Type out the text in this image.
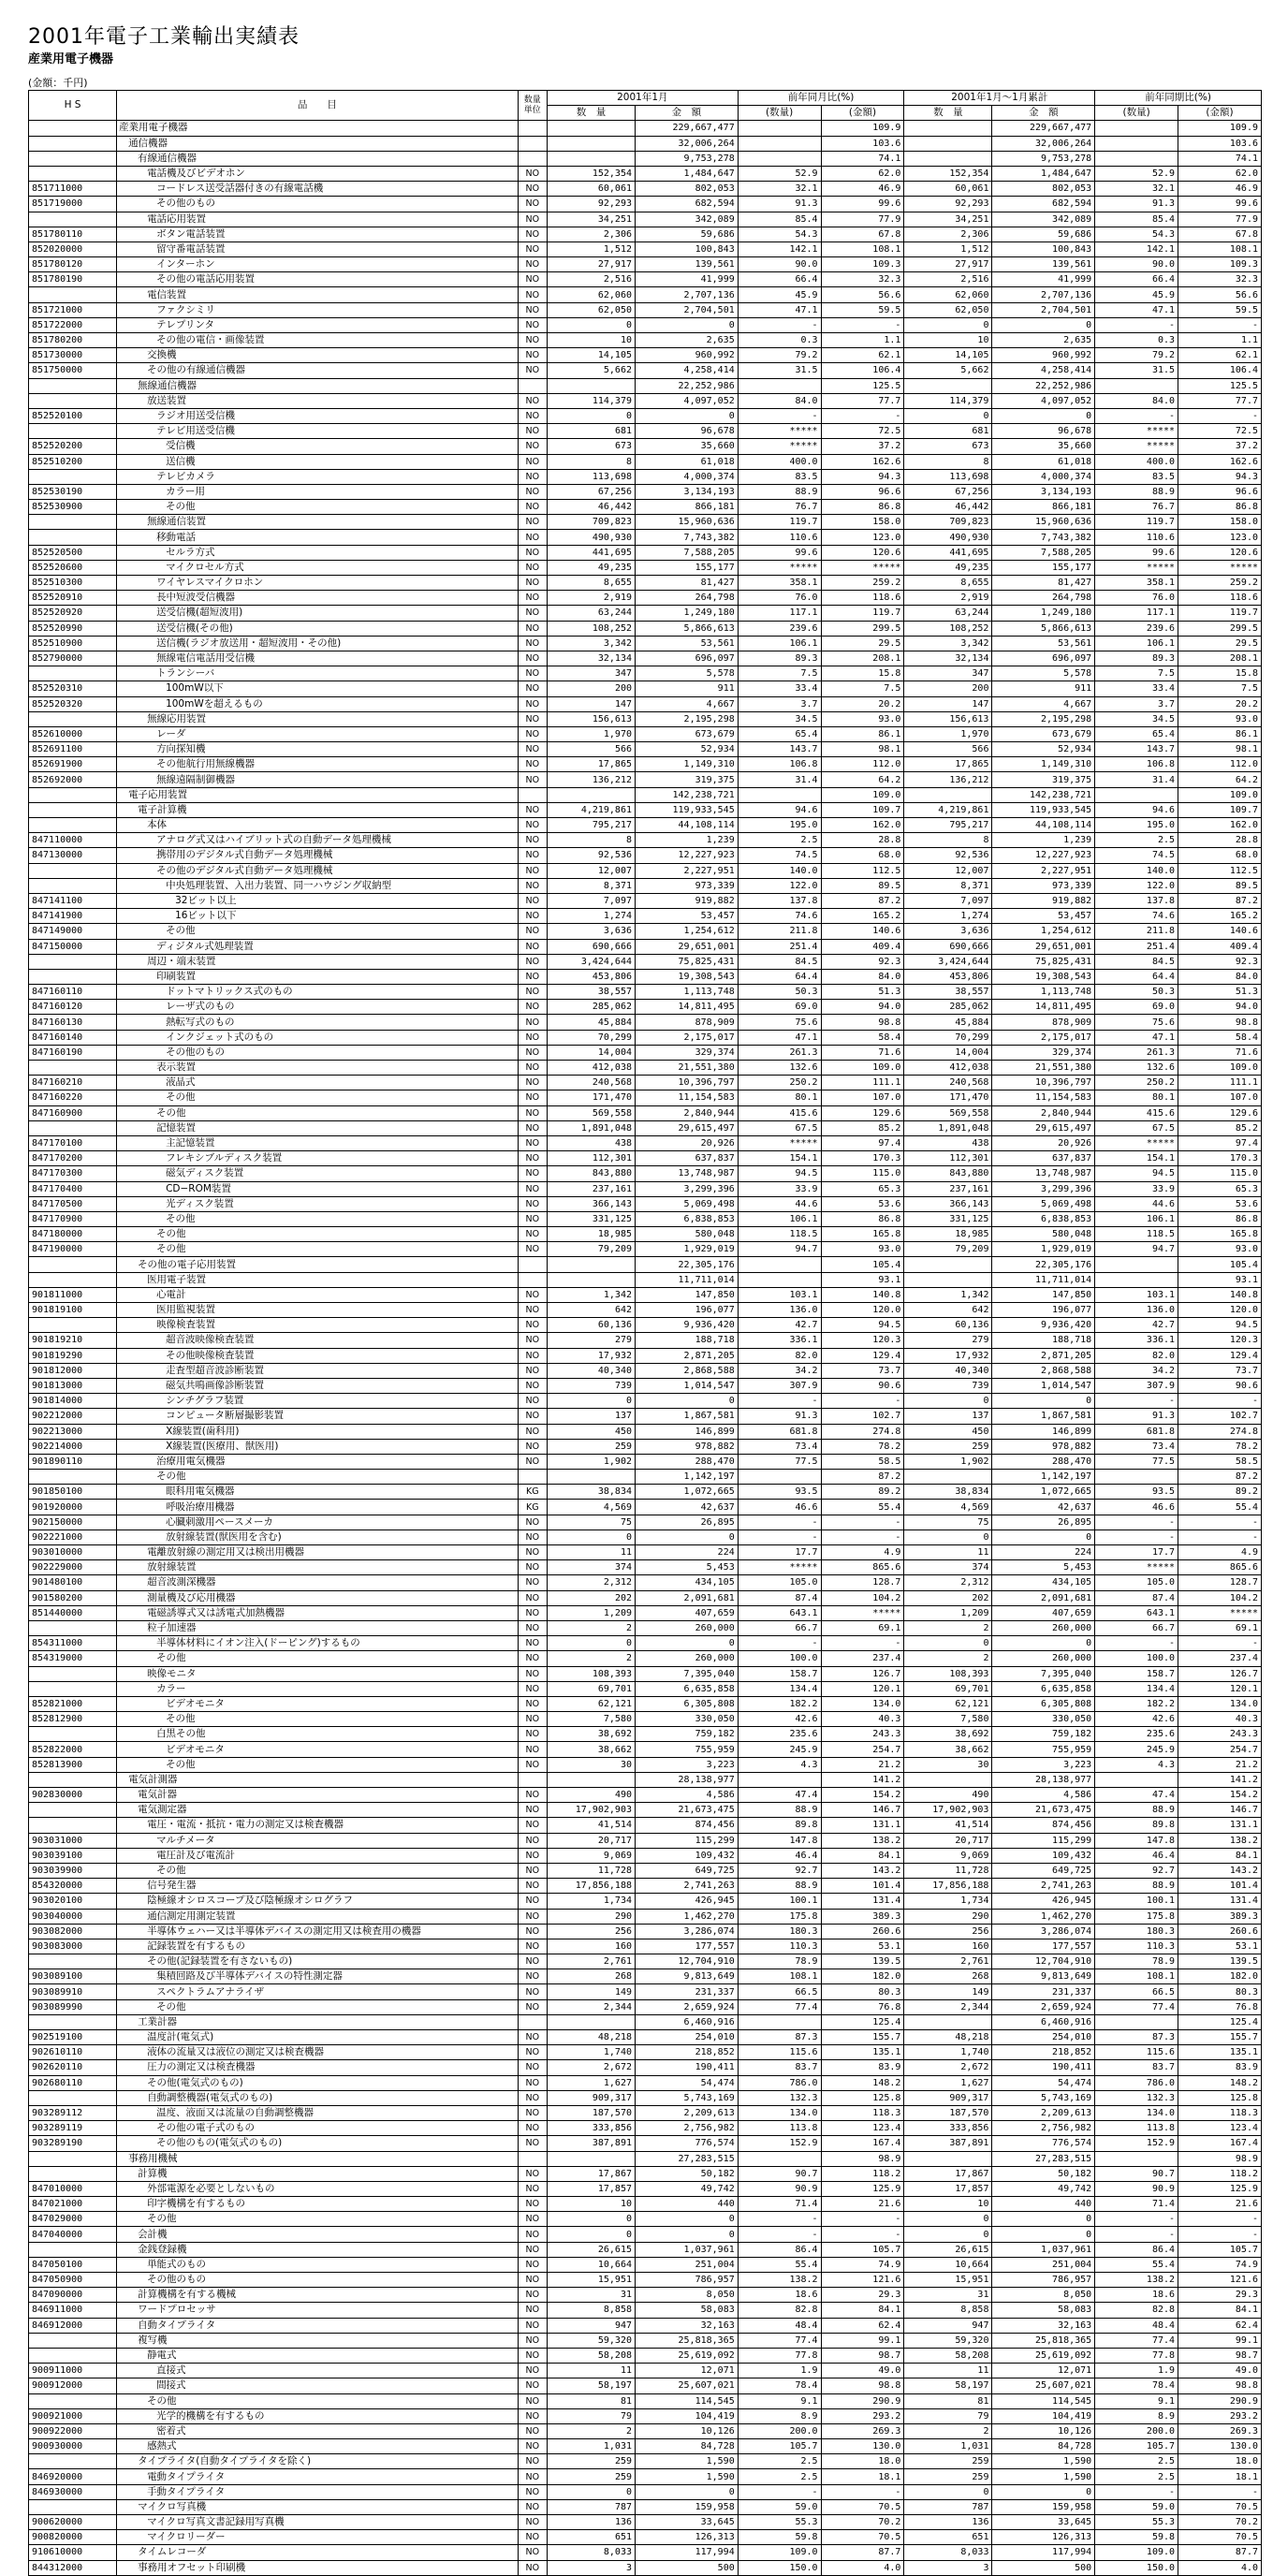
2001年電子工業輸出実績表
産業用電子機器
(金額：千円)
H S	品　　目	数量単位	2001年1月		前年同月比(%)		2001年1月〜1月累計		前年同期比(%)	
			数　量	金　額	(数量)	(金額)	数　量	金　額	(数量)	(金額)
	産業用電子機器			229,667,477		109.9		229,667,477		109.9
	通信機器			32,006,264		103.6		32,006,264		103.6
	有線通信機器			9,753,278		74.1		9,753,278		74.1
	電話機及びビデオホン	NO	152,354	1,484,647	52.9	62.0	152,354	1,484,647	52.9	62.0
851711000	コードレス送受話器付きの有線電話機	NO	60,061	802,053	32.1	46.9	60,061	802,053	32.1	46.9
851719000	その他のもの	NO	92,293	682,594	91.3	99.6	92,293	682,594	91.3	99.6
	電話応用装置	NO	34,251	342,089	85.4	77.9	34,251	342,089	85.4	77.9
851780110	ボタン電話装置	NO	2,306	59,686	54.3	67.8	2,306	59,686	54.3	67.8
852020000	留守番電話装置	NO	1,512	100,843	142.1	108.1	1,512	100,843	142.1	108.1
851780120	インターホン	NO	27,917	139,561	90.0	109.3	27,917	139,561	90.0	109.3
851780190	その他の電話応用装置	NO	2,516	41,999	66.4	32.3	2,516	41,999	66.4	32.3
	電信装置	NO	62,060	2,707,136	45.9	56.6	62,060	2,707,136	45.9	56.6
851721000	ファクシミリ	NO	62,050	2,704,501	47.1	59.5	62,050	2,704,501	47.1	59.5
851722000	テレプリンタ	NO	0	0	-	-	0	0	-	-
851780200	その他の電信・画像装置	NO	10	2,635	0.3	1.1	10	2,635	0.3	1.1
851730000	交換機	NO	14,105	960,992	79.2	62.1	14,105	960,992	79.2	62.1
851750000	その他の有線通信機器	NO	5,662	4,258,414	31.5	106.4	5,662	4,258,414	31.5	106.4
	無線通信機器			22,252,986		125.5		22,252,986		125.5
	放送装置	NO	114,379	4,097,052	84.0	77.7	114,379	4,097,052	84.0	77.7
852520100	ラジオ用送受信機	NO	0	0	-	-	0	0	-	-
	テレビ用送受信機	NO	681	96,678	*****	72.5	681	96,678	*****	72.5
852520200	受信機	NO	673	35,660	*****	37.2	673	35,660	*****	37.2
852510200	送信機	NO	8	61,018	400.0	162.6	8	61,018	400.0	162.6
	テレビカメラ	NO	113,698	4,000,374	83.5	94.3	113,698	4,000,374	83.5	94.3
852530190	カラー用	NO	67,256	3,134,193	88.9	96.6	67,256	3,134,193	88.9	96.6
852530900	その他	NO	46,442	866,181	76.7	86.8	46,442	866,181	76.7	86.8
	無線通信装置	NO	709,823	15,960,636	119.7	158.0	709,823	15,960,636	119.7	158.0
	移動電話	NO	490,930	7,743,382	110.6	123.0	490,930	7,743,382	110.6	123.0
852520500	セルラ方式	NO	441,695	7,588,205	99.6	120.6	441,695	7,588,205	99.6	120.6
852520600	マイクロセル方式	NO	49,235	155,177	*****	*****	49,235	155,177	*****	*****
852510300	ワイヤレスマイクロホン	NO	8,655	81,427	358.1	259.2	8,655	81,427	358.1	259.2
852520910	長中短波受信機器	NO	2,919	264,798	76.0	118.6	2,919	264,798	76.0	118.6
852520920	送受信機(超短波用)	NO	63,244	1,249,180	117.1	119.7	63,244	1,249,180	117.1	119.7
852520990	送受信機(その他)	NO	108,252	5,866,613	239.6	299.5	108,252	5,866,613	239.6	299.5
852510900	送信機(ラジオ放送用・超短波用・その他)	NO	3,342	53,561	106.1	29.5	3,342	53,561	106.1	29.5
852790000	無線電信電話用受信機	NO	32,134	696,097	89.3	208.1	32,134	696,097	89.3	208.1
	トランシーバ	NO	347	5,578	7.5	15.8	347	5,578	7.5	15.8
852520310	100mW以下	NO	200	911	33.4	7.5	200	911	33.4	7.5
852520320	100mWを超えるもの	NO	147	4,667	3.7	20.2	147	4,667	3.7	20.2
	無線応用装置	NO	156,613	2,195,298	34.5	93.0	156,613	2,195,298	34.5	93.0
852610000	レーダ	NO	1,970	673,679	65.4	86.1	1,970	673,679	65.4	86.1
852691100	方向探知機	NO	566	52,934	143.7	98.1	566	52,934	143.7	98.1
852691900	その他航行用無線機器	NO	17,865	1,149,310	106.8	112.0	17,865	1,149,310	106.8	112.0
852692000	無線遠隔制御機器	NO	136,212	319,375	31.4	64.2	136,212	319,375	31.4	64.2
	電子応用装置			142,238,721		109.0		142,238,721		109.0
	電子計算機	NO	4,219,861	119,933,545	94.6	109.7	4,219,861	119,933,545	94.6	109.7
	本体	NO	795,217	44,108,114	195.0	162.0	795,217	44,108,114	195.0	162.0
847110000	アナログ式又はハイブリット式の自動データ処理機械	NO	8	1,239	2.5	28.8	8	1,239	2.5	28.8
847130000	携帯用のデジタル式自動データ処理機械	NO	92,536	12,227,923	74.5	68.0	92,536	12,227,923	74.5	68.0
	その他のデジタル式自動データ処理機械	NO	12,007	2,227,951	140.0	112.5	12,007	2,227,951	140.0	112.5
	中央処理装置、入出力装置、同一ハウジング収納型	NO	8,371	973,339	122.0	89.5	8,371	973,339	122.0	89.5
847141100	32ビット以上	NO	7,097	919,882	137.8	87.2	7,097	919,882	137.8	87.2
847141900	16ビット以下	NO	1,274	53,457	74.6	165.2	1,274	53,457	74.6	165.2
847149000	その他	NO	3,636	1,254,612	211.8	140.6	3,636	1,254,612	211.8	140.6
847150000	ディジタル式処理装置	NO	690,666	29,651,001	251.4	409.4	690,666	29,651,001	251.4	409.4
	周辺・端末装置	NO	3,424,644	75,825,431	84.5	92.3	3,424,644	75,825,431	84.5	92.3
	印刷装置	NO	453,806	19,308,543	64.4	84.0	453,806	19,308,543	64.4	84.0
847160110	ドットマトリックス式のもの	NO	38,557	1,113,748	50.3	51.3	38,557	1,113,748	50.3	51.3
847160120	レーザ式のもの	NO	285,062	14,811,495	69.0	94.0	285,062	14,811,495	69.0	94.0
847160130	熱転写式のもの	NO	45,884	878,909	75.6	98.8	45,884	878,909	75.6	98.8
847160140	インクジェット式のもの	NO	70,299	2,175,017	47.1	58.4	70,299	2,175,017	47.1	58.4
847160190	その他のもの	NO	14,004	329,374	261.3	71.6	14,004	329,374	261.3	71.6
	表示装置	NO	412,038	21,551,380	132.6	109.0	412,038	21,551,380	132.6	109.0
847160210	液晶式	NO	240,568	10,396,797	250.2	111.1	240,568	10,396,797	250.2	111.1
847160220	その他	NO	171,470	11,154,583	80.1	107.0	171,470	11,154,583	80.1	107.0
847160900	その他	NO	569,558	2,840,944	415.6	129.6	569,558	2,840,944	415.6	129.6
	記憶装置	NO	1,891,048	29,615,497	67.5	85.2	1,891,048	29,615,497	67.5	85.2
847170100	主記憶装置	NO	438	20,926	*****	97.4	438	20,926	*****	97.4
847170200	フレキシブルディスク装置	NO	112,301	637,837	154.1	170.3	112,301	637,837	154.1	170.3
847170300	磁気ディスク装置	NO	843,880	13,748,987	94.5	115.0	843,880	13,748,987	94.5	115.0
847170400	CD−ROM装置	NO	237,161	3,299,396	33.9	65.3	237,161	3,299,396	33.9	65.3
847170500	光ディスク装置	NO	366,143	5,069,498	44.6	53.6	366,143	5,069,498	44.6	53.6
847170900	その他	NO	331,125	6,838,853	106.1	86.8	331,125	6,838,853	106.1	86.8
847180000	その他	NO	18,985	580,048	118.5	165.8	18,985	580,048	118.5	165.8
847190000	その他	NO	79,209	1,929,019	94.7	93.0	79,209	1,929,019	94.7	93.0
	その他の電子応用装置			22,305,176		105.4		22,305,176		105.4
	医用電子装置			11,711,014		93.1		11,711,014		93.1
901811000	心電計	NO	1,342	147,850	103.1	140.8	1,342	147,850	103.1	140.8
901819100	医用監視装置	NO	642	196,077	136.0	120.0	642	196,077	136.0	120.0
	映像検査装置	NO	60,136	9,936,420	42.7	94.5	60,136	9,936,420	42.7	94.5
901819210	超音波映像検査装置	NO	279	188,718	336.1	120.3	279	188,718	336.1	120.3
901819290	その他映像検査装置	NO	17,932	2,871,205	82.0	129.4	17,932	2,871,205	82.0	129.4
901812000	走査型超音波診断装置	NO	40,340	2,868,588	34.2	73.7	40,340	2,868,588	34.2	73.7
901813000	磁気共鳴画像診断装置	NO	739	1,014,547	307.9	90.6	739	1,014,547	307.9	90.6
901814000	シンチグラフ装置	NO	0	0	-	-	0	0	-	-
902212000	コンピュータ断層撮影装置	NO	137	1,867,581	91.3	102.7	137	1,867,581	91.3	102.7
902213000	X線装置(歯科用)	NO	450	146,899	681.8	274.8	450	146,899	681.8	274.8
902214000	X線装置(医療用、獣医用)	NO	259	978,882	73.4	78.2	259	978,882	73.4	78.2
901890110	治療用電気機器	NO	1,902	288,470	77.5	58.5	1,902	288,470	77.5	58.5
	その他			1,142,197		87.2		1,142,197		87.2
901850100	眼科用電気機器	KG	38,834	1,072,665	93.5	89.2	38,834	1,072,665	93.5	89.2
901920000	呼吸治療用機器	KG	4,569	42,637	46.6	55.4	4,569	42,637	46.6	55.4
902150000	心臓刺激用ペースメーカ	NO	75	26,895	-	-	75	26,895	-	-
902221000	放射線装置(獣医用を含む)	NO	0	0	-	-	0	0	-	-
903010000	電離放射線の測定用又は検出用機器	NO	11	224	17.7	4.9	11	224	17.7	4.9
902229000	放射線装置	NO	374	5,453	*****	865.6	374	5,453	*****	865.6
901480100	超音波測深機器	NO	2,312	434,105	105.0	128.7	2,312	434,105	105.0	128.7
901580200	測量機及び応用機器	NO	202	2,091,681	87.4	104.2	202	2,091,681	87.4	104.2
851440000	電磁誘導式又は誘電式加熱機器	NO	1,209	407,659	643.1	*****	1,209	407,659	643.1	*****
	粒子加速器	NO	2	260,000	66.7	69.1	2	260,000	66.7	69.1
854311000	半導体材料にイオン注入(ドーピング)するもの	NO	0	0	-	-	0	0	-	-
854319000	その他	NO	2	260,000	100.0	237.4	2	260,000	100.0	237.4
	映像モニタ	NO	108,393	7,395,040	158.7	126.7	108,393	7,395,040	158.7	126.7
	カラー	NO	69,701	6,635,858	134.4	120.1	69,701	6,635,858	134.4	120.1
852821000	ビデオモニタ	NO	62,121	6,305,808	182.2	134.0	62,121	6,305,808	182.2	134.0
852812900	その他	NO	7,580	330,050	42.6	40.3	7,580	330,050	42.6	40.3
	白黒その他	NO	38,692	759,182	235.6	243.3	38,692	759,182	235.6	243.3
852822000	ビデオモニタ	NO	38,662	755,959	245.9	254.7	38,662	755,959	245.9	254.7
852813900	その他	NO	30	3,223	4.3	21.2	30	3,223	4.3	21.2
	電気計測器			28,138,977		141.2		28,138,977		141.2
902830000	電気計器	NO	490	4,586	47.4	154.2	490	4,586	47.4	154.2
	電気測定器	NO	17,902,903	21,673,475	88.9	146.7	17,902,903	21,673,475	88.9	146.7
	電圧・電流・抵抗・電力の測定又は検査機器	NO	41,514	874,456	89.8	131.1	41,514	874,456	89.8	131.1
903031000	マルチメータ	NO	20,717	115,299	147.8	138.2	20,717	115,299	147.8	138.2
903039100	電圧計及び電流計	NO	9,069	109,432	46.4	84.1	9,069	109,432	46.4	84.1
903039900	その他	NO	11,728	649,725	92.7	143.2	11,728	649,725	92.7	143.2
854320000	信号発生器	NO	17,856,188	2,741,263	88.9	101.4	17,856,188	2,741,263	88.9	101.4
903020100	陰極線オシロスコープ及び陰極線オシログラフ	NO	1,734	426,945	100.1	131.4	1,734	426,945	100.1	131.4
903040000	通信測定用測定装置	NO	290	1,462,270	175.8	389.3	290	1,462,270	175.8	389.3
903082000	半導体ウェハー又は半導体デバイスの測定用又は検査用の機器	NO	256	3,286,074	180.3	260.6	256	3,286,074	180.3	260.6
903083000	記録装置を有するもの	NO	160	177,557	110.3	53.1	160	177,557	110.3	53.1
	その他(記録装置を有さないもの)	NO	2,761	12,704,910	78.9	139.5	2,761	12,704,910	78.9	139.5
903089100	集積回路及び半導体デバイスの特性測定器	NO	268	9,813,649	108.1	182.0	268	9,813,649	108.1	182.0
903089910	スペクトラムアナライザ	NO	149	231,337	66.5	80.3	149	231,337	66.5	80.3
903089990	その他	NO	2,344	2,659,924	77.4	76.8	2,344	2,659,924	77.4	76.8
	工業計器			6,460,916		125.4		6,460,916		125.4
902519100	温度計(電気式)	NO	48,218	254,010	87.3	155.7	48,218	254,010	87.3	155.7
902610110	液体の流量又は液位の測定又は検査機器	NO	1,740	218,852	115.6	135.1	1,740	218,852	115.6	135.1
902620110	圧力の測定又は検査機器	NO	2,672	190,411	83.7	83.9	2,672	190,411	83.7	83.9
902680110	その他(電気式のもの)	NO	1,627	54,474	786.0	148.2	1,627	54,474	786.0	148.2
	自動調整機器(電気式のもの)	NO	909,317	5,743,169	132.3	125.8	909,317	5,743,169	132.3	125.8
903289112	温度、液面又は流量の自動調整機器	NO	187,570	2,209,613	134.0	118.3	187,570	2,209,613	134.0	118.3
903289119	その他の電子式のもの	NO	333,856	2,756,982	113.8	123.4	333,856	2,756,982	113.8	123.4
903289190	その他のもの(電気式のもの)	NO	387,891	776,574	152.9	167.4	387,891	776,574	152.9	167.4
	事務用機械			27,283,515		98.9		27,283,515		98.9
	計算機	NO	17,867	50,182	90.7	118.2	17,867	50,182	90.7	118.2
847010000	外部電源を必要としないもの	NO	17,857	49,742	90.9	125.9	17,857	49,742	90.9	125.9
847021000	印字機構を有するもの	NO	10	440	71.4	21.6	10	440	71.4	21.6
847029000	その他	NO	0	0	-	-	0	0	-	-
847040000	会計機	NO	0	0	-	-	0	0	-	-
	金銭登録機	NO	26,615	1,037,961	86.4	105.7	26,615	1,037,961	86.4	105.7
847050100	単能式のもの	NO	10,664	251,004	55.4	74.9	10,664	251,004	55.4	74.9
847050900	その他のもの	NO	15,951	786,957	138.2	121.6	15,951	786,957	138.2	121.6
847090000	計算機構を有する機械	NO	31	8,050	18.6	29.3	31	8,050	18.6	29.3
846911000	ワードプロセッサ	NO	8,858	58,083	82.8	84.1	8,858	58,083	82.8	84.1
846912000	自動タイプライタ	NO	947	32,163	48.4	62.4	947	32,163	48.4	62.4
	複写機	NO	59,320	25,818,365	77.4	99.1	59,320	25,818,365	77.4	99.1
	静電式	NO	58,208	25,619,092	77.8	98.7	58,208	25,619,092	77.8	98.7
900911000	直接式	NO	11	12,071	1.9	49.0	11	12,071	1.9	49.0
900912000	間接式	NO	58,197	25,607,021	78.4	98.8	58,197	25,607,021	78.4	98.8
	その他	NO	81	114,545	9.1	290.9	81	114,545	9.1	290.9
900921000	光学的機構を有するもの	NO	79	104,419	8.9	293.2	79	104,419	8.9	293.2
900922000	密着式	NO	2	10,126	200.0	269.3	2	10,126	200.0	269.3
900930000	感熱式	NO	1,031	84,728	105.7	130.0	1,031	84,728	105.7	130.0
	タイプライタ(自動タイプライタを除く)	NO	259	1,590	2.5	18.0	259	1,590	2.5	18.0
846920000	電動タイプライタ	NO	259	1,590	2.5	18.1	259	1,590	2.5	18.1
846930000	手動タイプライタ	NO	0	0	-	-	0	0	-	-
	マイクロ写真機	NO	787	159,958	59.0	70.5	787	159,958	59.0	70.5
900620000	マイクロ写真文書記録用写真機	NO	136	33,645	55.3	70.2	136	33,645	55.3	70.2
900820000	マイクロリーダー	NO	651	126,313	59.8	70.5	651	126,313	59.8	70.5
910610000	タイムレコーダ	NO	8,033	117,994	109.0	87.7	8,033	117,994	109.0	87.7
844312000	事務用オフセット印刷機	NO	3	500	150.0	4.0	3	500	150.0	4.0
